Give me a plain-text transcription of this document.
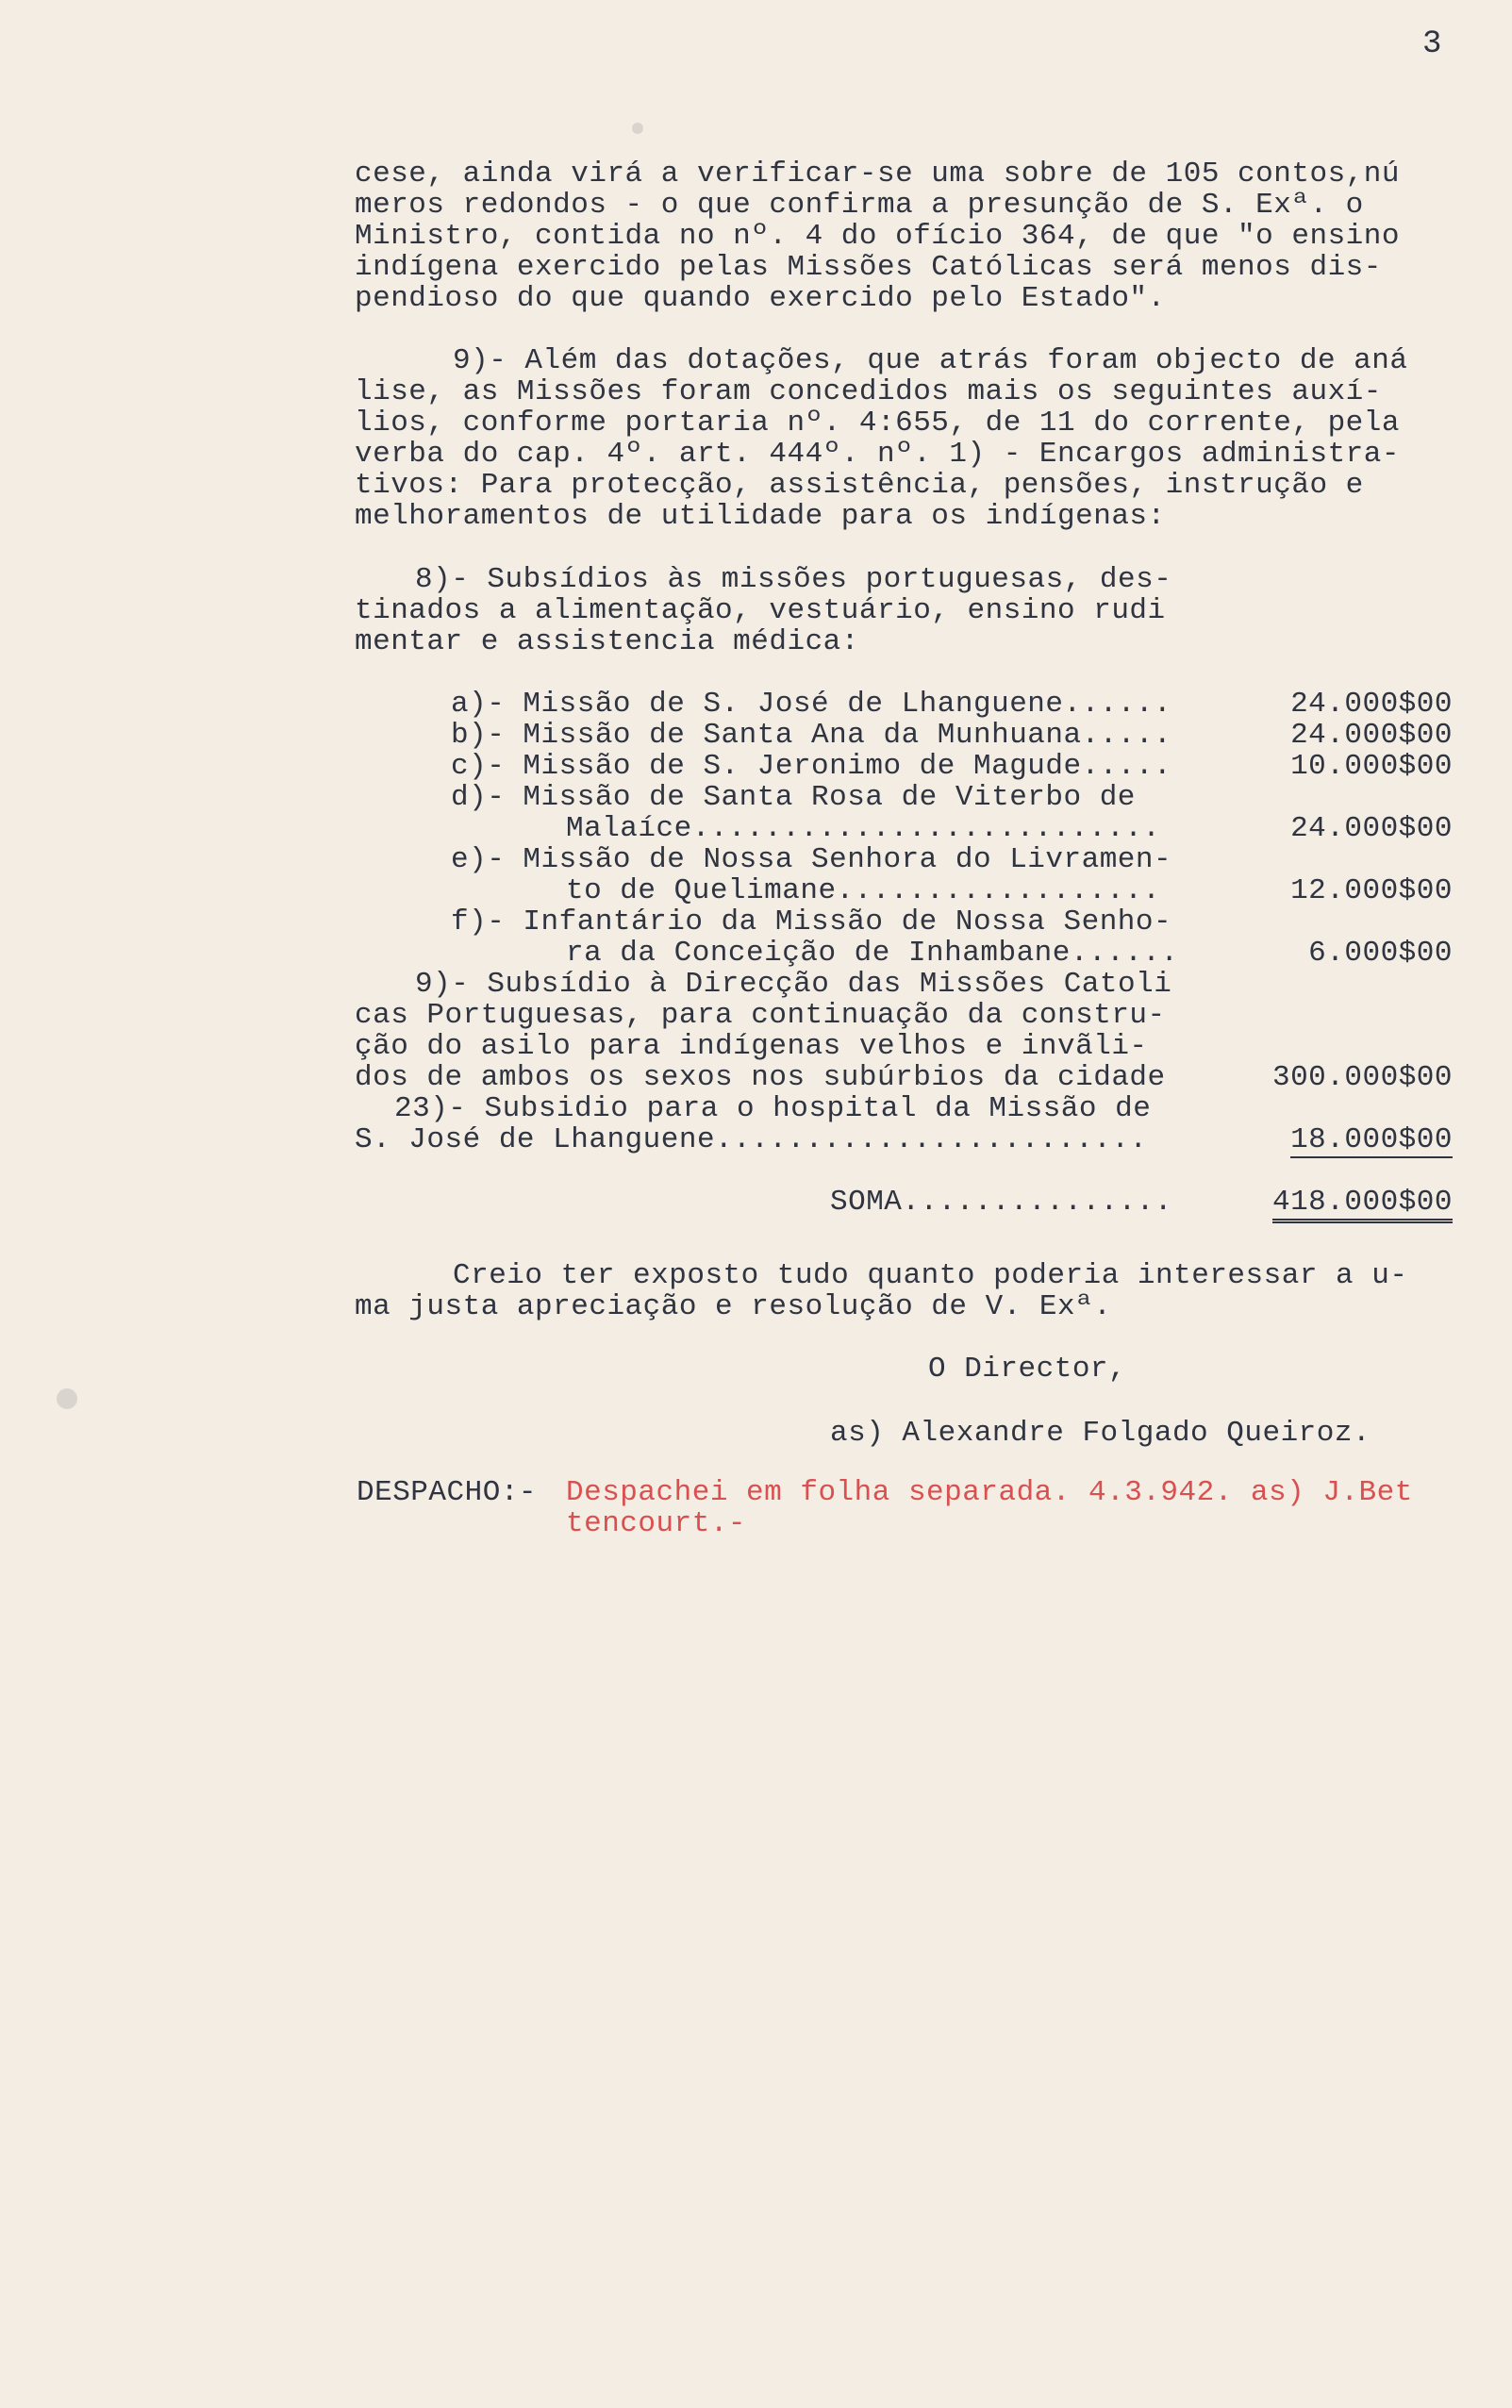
3
cese, ainda virá a verificar-se uma sobre de 105 contos,nú
meros redondos - o que confirma a presunção de S. Exª. o
Ministro, contida no nº. 4 do ofício 364, de que "o ensino
indígena exercido pelas Missões Católicas será menos dis-
pendioso do que quando exercido pelo Estado".
9)- Além das dotações, que atrás foram objecto de aná
lise, as Missões foram concedidos mais os seguintes auxí-
lios, conforme portaria nº. 4:655, de 11 do corrente, pela
verba do cap. 4º. art. 444º. nº. 1) - Encargos administra-
tivos: Para protecção, assistência, pensões, instrução e
melhoramentos de utilidade para os indígenas:
8)- Subsídios às missões portuguesas, des-
tinados a alimentação, vestuário, ensino rudi
mentar e assistencia médica:
a)- Missão de S. José de Lhanguene......	24.000$00
b)- Missão de Santa Ana da Munhuana.....	24.000$00
c)- Missão de S. Jeronimo de Magude.....	10.000$00
d)- Missão de Santa Rosa de Viterbo de
Malaíce..........................	24.000$00
e)- Missão de Nossa Senhora do Livramen-
to de Quelimane..................	12.000$00
f)- Infantário da Missão de Nossa Senho-
ra da Conceição de Inhambane......	6.000$00
9)- Subsídio à Direcção das Missões Catoli
cas Portuguesas, para continuação da constru-
ção do asilo para indígenas velhos e invãli-
dos de ambos os sexos nos subúrbios da cidade	300.000$00
23)- Subsidio para o hospital da Missão de
S. José de Lhanguene........................	18.000$00
SOMA...............	418.000$00
Creio ter exposto tudo quanto poderia interessar a u-
ma justa apreciação e resolução de V. Exª.
O Director,
as) Alexandre Folgado Queiroz.
DESPACHO:- Despachei em folha separada. 4.3.942. as) J.Bet
tencourt.-
